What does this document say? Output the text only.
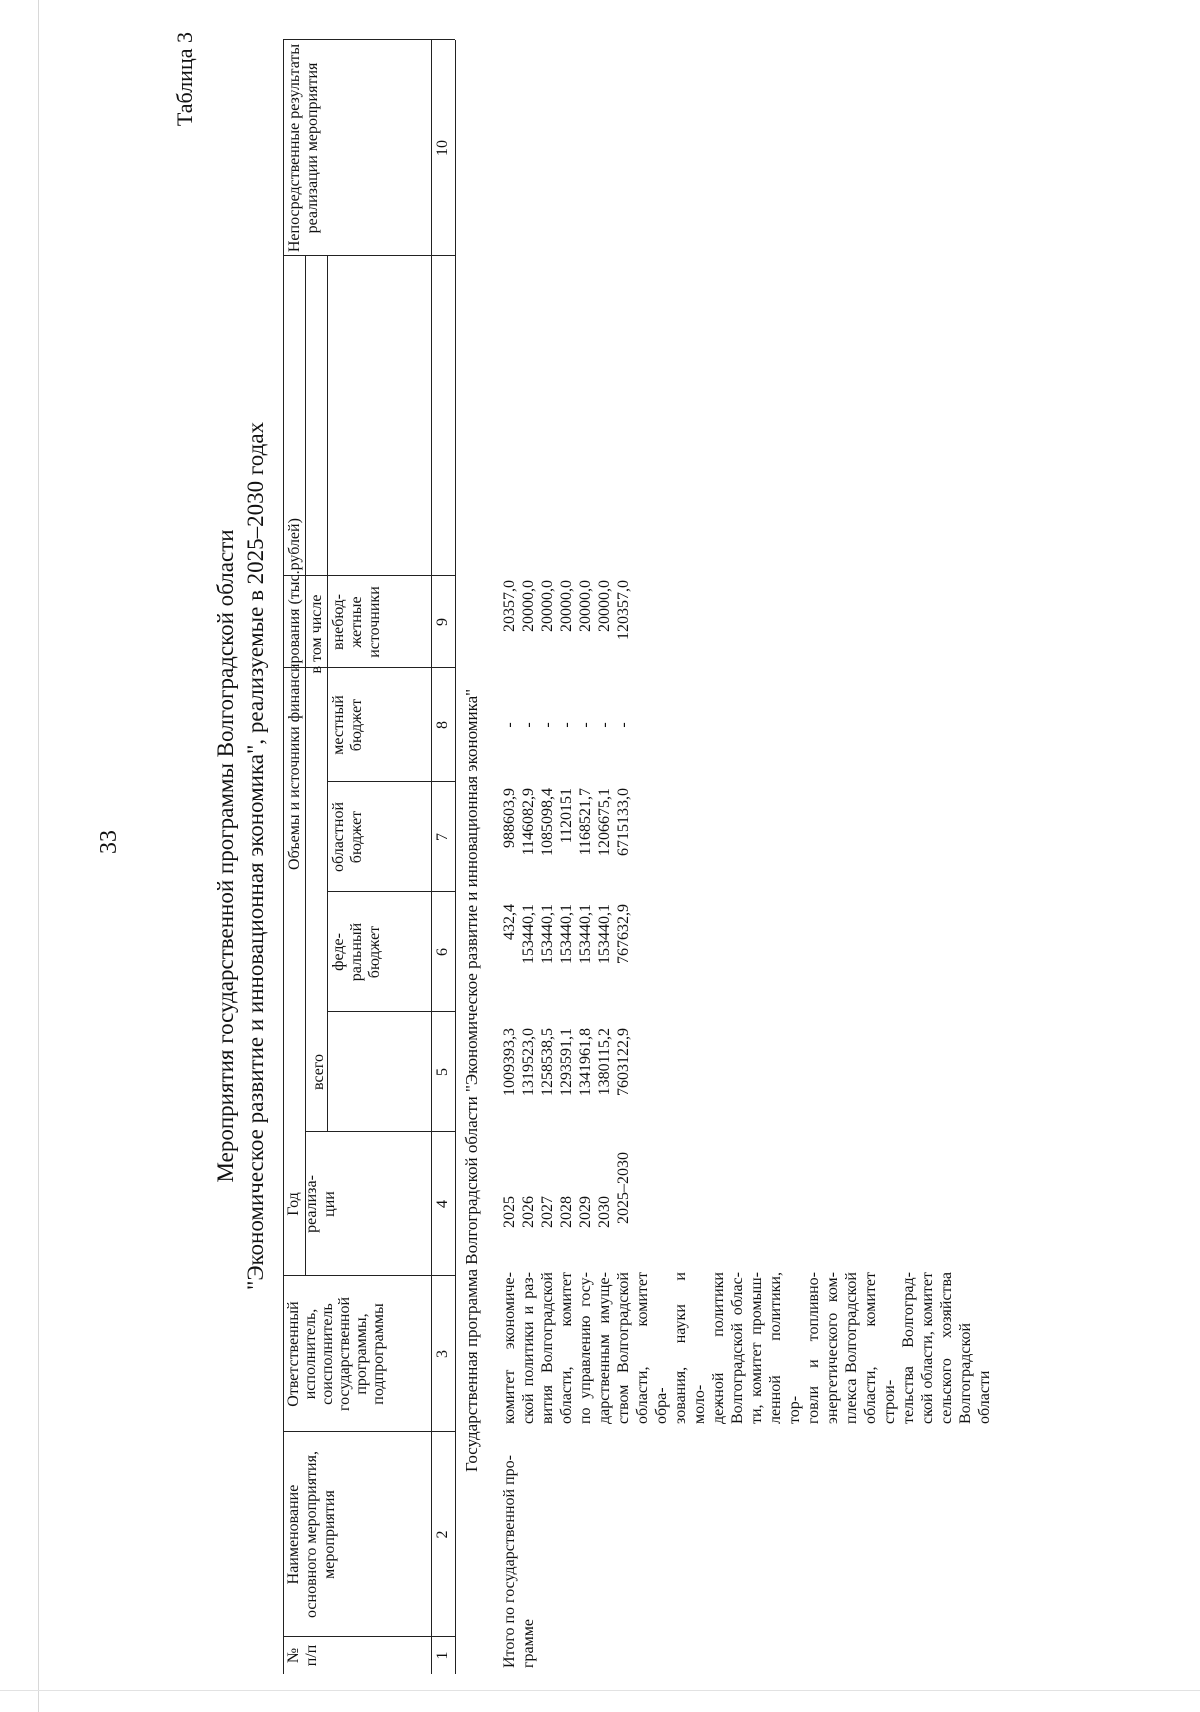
33
Таблица 3
Мероприятия государственной программы Волгоградской области "Экономическое развитие и инновационная экономика", реализуемые в 2025–2030 годах
№ п/п
Наименование основного мероприятия, мероприятия
Ответственный исполнитель, соисполнитель государственной программы, подпрограммы
Год реализа- ции
Объемы и источники финансирования (тыс.рублей)
всего
в том числе
феде- ральный бюджет
областной бюджет
местный бюджет
внебюд- жетные источники
Непосредственные результаты реализации мероприятия
1
2
3
4
5
6
7
8
9
10
Государственная программа Волгоградской области "Экономическое развитие и инновационная экономика"
Итого по государственной про- грамме
комитет экономиче- ской политики и раз- вития Волгоградской области, комитет по управлению госу- дарственным имуще- ством Волгоградской области, комитет обра- зования, науки и моло- дежной политики Волгоградской облас- ти, комитет промыш- ленной политики, тор- говли и топливно- энергетического ком- плекса Волгоградской области, комитет строи- тельства Волгоград- ской области, комитет сельского хозяйства Волгоградской области
2025 2026 2027 2028 2029 2030 2025–2030
1009393,3 1319523,0 1258538,5 1293591,1 1341961,8 1380115,2 7603122,9
432,4 153440,1 153440,1 153440,1 153440,1 153440,1 767632,9
988603,9 1146082,9 1085098,4 1120151 1168521,7 1206675,1 6715133,0
- - - - - - -
20357,0 20000,0 20000,0 20000,0 20000,0 20000,0 120357,0
